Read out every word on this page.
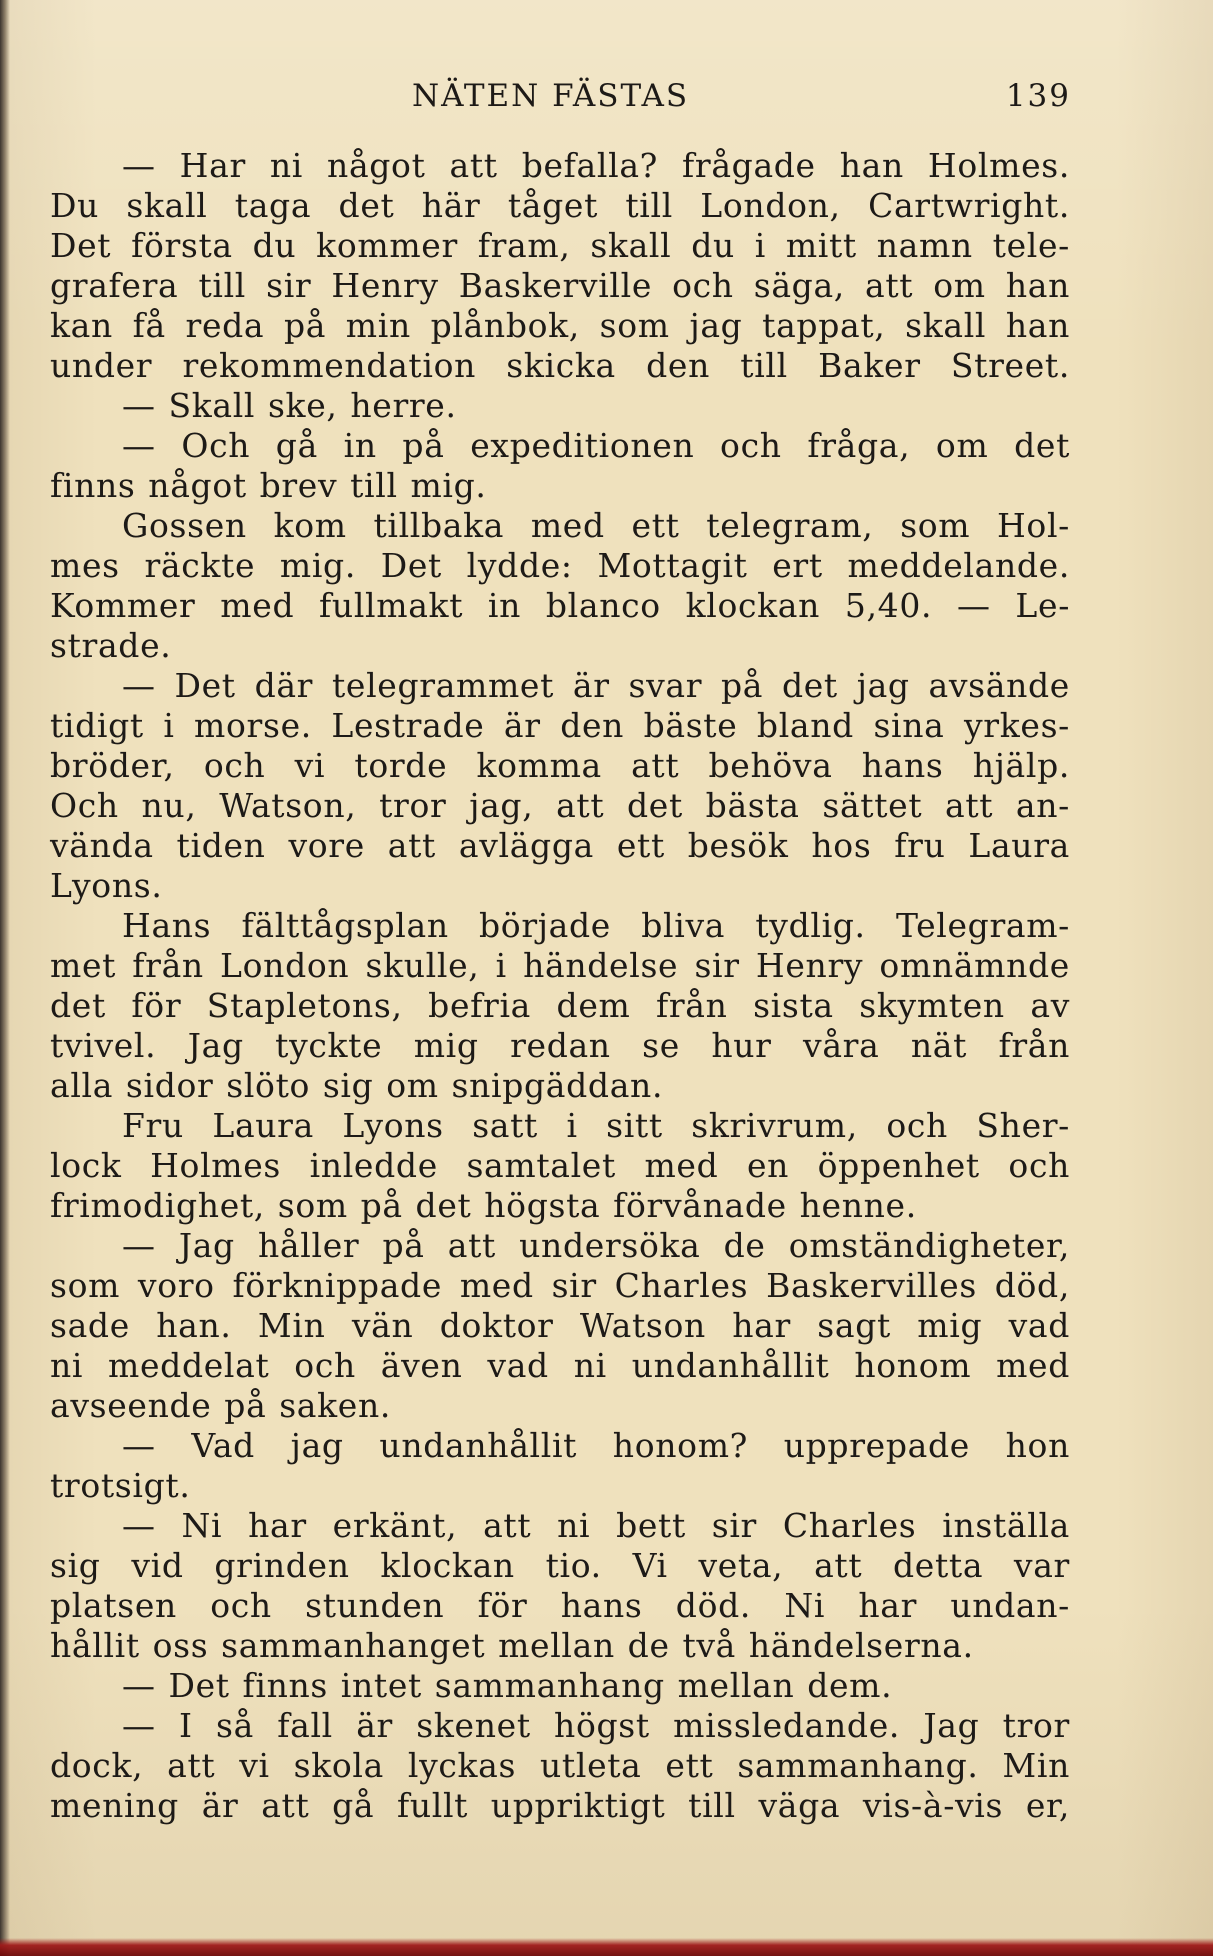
NÄTEN FÄSTAS	139
— Har ni något att befalla? frågade han Holmes.
Du skall taga det här tåget till London, Cartwright.
Det första du kommer fram, skall du i mitt namn tele-
grafera till sir Henry Baskerville och säga, att om han
kan få reda på min plånbok, som jag tappat, skall han
under rekommendation skicka den till Baker Street.
— Skall ske, herre.
— Och gå in på expeditionen och fråga, om det
finns något brev till mig.
Gossen kom tillbaka med ett telegram, som Hol-
mes räckte mig. Det lydde: Mottagit ert meddelande.
Kommer med fullmakt in blanco klockan 5,40. — Le-
strade.
— Det där telegrammet är svar på det jag avsände
tidigt i morse. Lestrade är den bäste bland sina yrkes-
bröder, och vi torde komma att behöva hans hjälp.
Och nu, Watson, tror jag, att det bästa sättet att an-
vända tiden vore att avlägga ett besök hos fru Laura
Lyons.
Hans fälttågsplan började bliva tydlig. Telegram-
met från London skulle, i händelse sir Henry omnämnde
det för Stapletons, befria dem från sista skymten av
tvivel. Jag tyckte mig redan se hur våra nät från
alla sidor slöto sig om snipgäddan.
Fru Laura Lyons satt i sitt skrivrum, och Sher-
lock Holmes inledde samtalet med en öppenhet och
frimodighet, som på det högsta förvånade henne.
— Jag håller på att undersöka de omständigheter,
som voro förknippade med sir Charles Baskervilles död,
sade han. Min vän doktor Watson har sagt mig vad
ni meddelat och även vad ni undanhållit honom med
avseende på saken.
— Vad jag undanhållit honom? upprepade hon
trotsigt.
— Ni har erkänt, att ni bett sir Charles inställa
sig vid grinden klockan tio. Vi veta, att detta var
platsen och stunden för hans död. Ni har undan-
hållit oss sammanhanget mellan de två händelserna.
— Det finns intet sammanhang mellan dem.
— I så fall är skenet högst missledande. Jag tror
dock, att vi skola lyckas utleta ett sammanhang. Min
mening är att gå fullt uppriktigt till väga vis-à-vis er,
